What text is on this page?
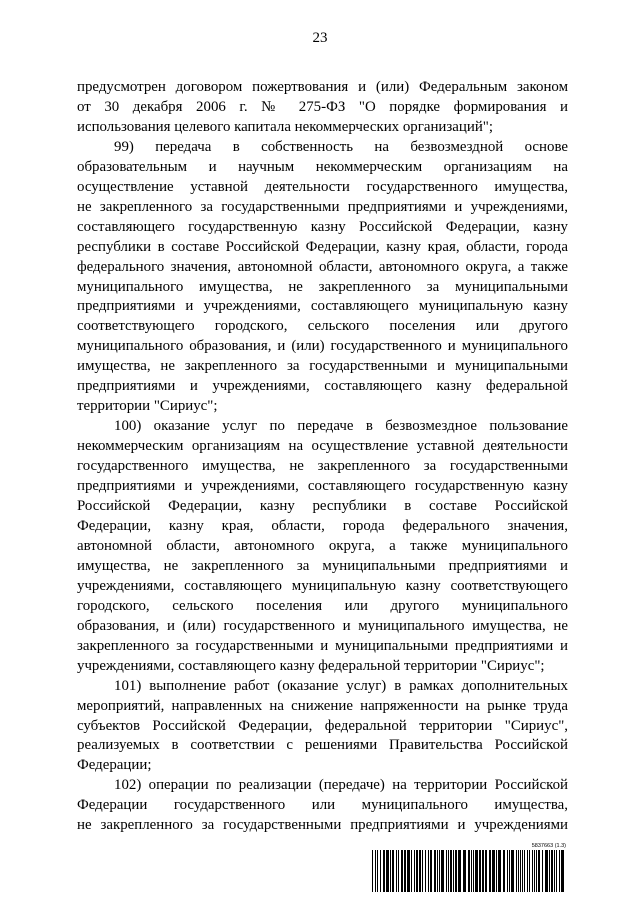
23
предусмотрен договором пожертвования и (или) Федеральным законом
от 30 декабря 2006 г. № 275-ФЗ "О порядке формирования и
использования целевого капитала некоммерческих организаций";
99) передача в собственность на безвозмездной основе
образовательным и научным некоммерческим организациям на
осуществление уставной деятельности государственного имущества,
не закрепленного за государственными предприятиями и учреждениями,
составляющего государственную казну Российской Федерации, казну
республики в составе Российской Федерации, казну края, области, города
федерального значения, автономной области, автономного округа, а также
муниципального имущества, не закрепленного за муниципальными
предприятиями и учреждениями, составляющего муниципальную казну
соответствующего городского, сельского поселения или другого
муниципального образования, и (или) государственного и муниципального
имущества, не закрепленного за государственными и муниципальными
предприятиями и учреждениями, составляющего казну федеральной
территории "Сириус";
100) оказание услуг по передаче в безвозмездное пользование
некоммерческим организациям на осуществление уставной деятельности
государственного имущества, не закрепленного за государственными
предприятиями и учреждениями, составляющего государственную казну
Российской Федерации, казну республики в составе Российской
Федерации, казну края, области, города федерального значения,
автономной области, автономного округа, а также муниципального
имущества, не закрепленного за муниципальными предприятиями и
учреждениями, составляющего муниципальную казну соответствующего
городского, сельского поселения или другого муниципального
образования, и (или) государственного и муниципального имущества, не
закрепленного за государственными и муниципальными предприятиями и
учреждениями, составляющего казну федеральной территории "Сириус";
101) выполнение работ (оказание услуг) в рамках дополнительных
мероприятий, направленных на снижение напряженности на рынке труда
субъектов Российской Федерации, федеральной территории "Сириус",
реализуемых в соответствии с решениями Правительства Российской
Федерации;
102) операции по реализации (передаче) на территории Российской
Федерации государственного или муниципального имущества,
не закрепленного за государственными предприятиями и учреждениями
5837663 (1.3)
